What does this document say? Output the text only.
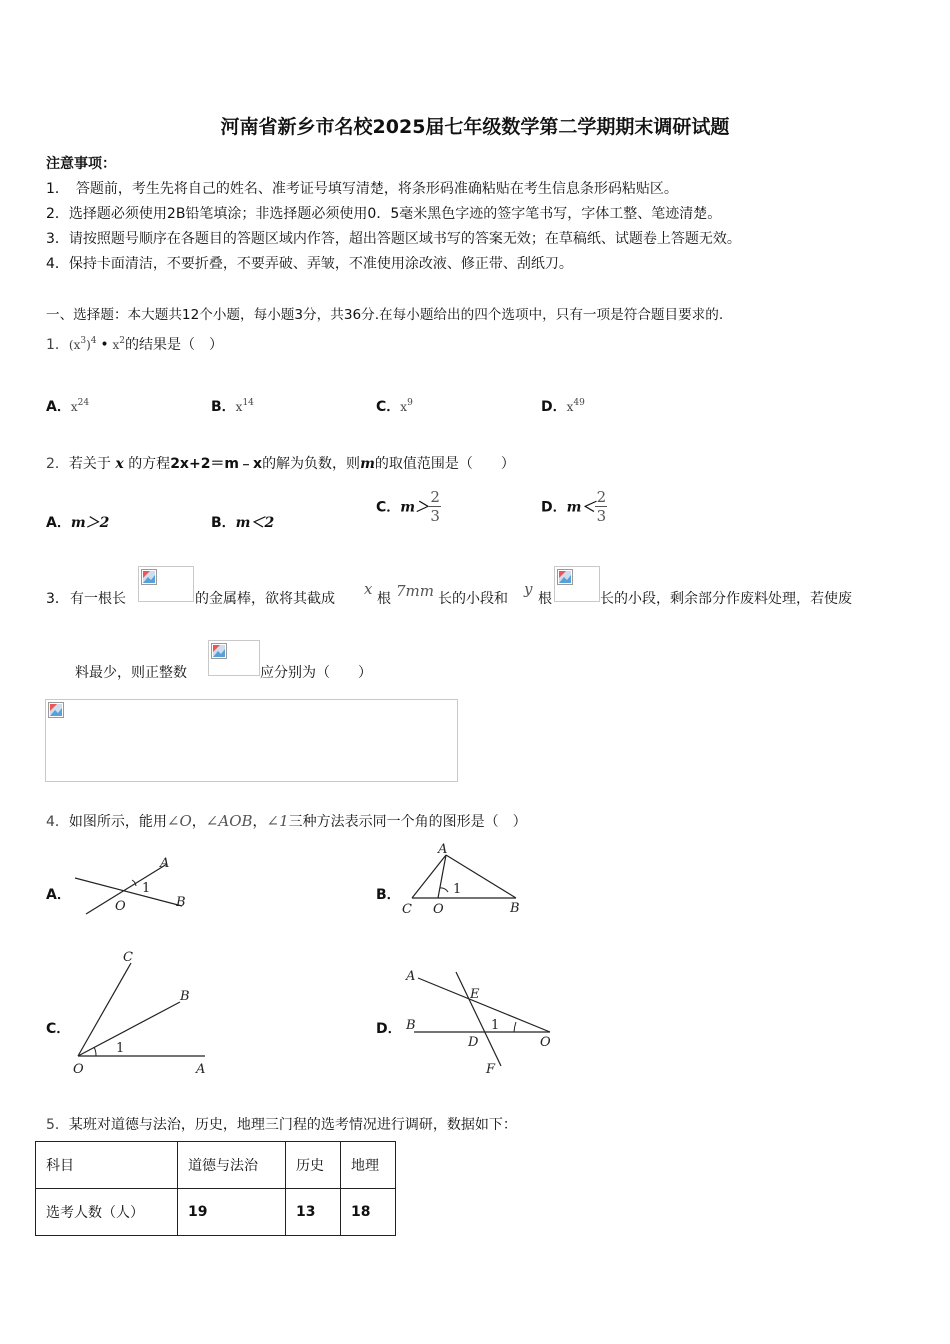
河南省新乡市名校2025届七年级数学第二学期期末调研试题
注意事项：
1．　答题前，考生先将自己的姓名、准考证号填写清楚，将条形码准确粘贴在考生信息条形码粘贴区。
2．选择题必须使用2B铅笔填涂；非选择题必须使用0．5毫米黑色字迹的签字笔书写，字体工整、笔迹清楚。
3．请按照题号顺序在各题目的答题区域内作答，超出答题区域书写的答案无效；在草稿纸、试题卷上答题无效。
4．保持卡面清洁，不要折叠，不要弄破、弄皱，不准使用涂改液、修正带、刮纸刀。
一、选择题：本大题共12个小题，每小题3分，共36分.在每小题给出的四个选项中，只有一项是符合题目要求的.
1．$(x^3)^4$ • $x^2$的结果是（　）
A．$x^{24}$	B．$x^{14}$	C．$x^9$	D．$x^{49}$
2．若关于 x 的方程2x+2＝m﹣x的解为负数，则m的取值范围是（　　）
A．m＞2	B．m＜2
C．$m>\frac{2}{3}$	D．$m<\frac{2}{3}$
3． 有一根长	的金属棒，欲将其截成
x
根 7mm 长的小段和
y
根	长的小段，剩余部分作废料处理，若使废
料最少，则正整数	应分别为（　　）
4．如图所示，能用∠O，∠AOB，∠1三种方法表示同一个角的图形是（　）
A．
A
O	B
1	B．
A
C O	B
1
C．
C
B
O	A
1
D．
A
E
B	1
D	O
F
5．某班对道德与法治，历史，地理三门程的选考情况进行调研，数据如下：
科目	道德与法治	历史	地理
选考人数（人）	19	13	18
